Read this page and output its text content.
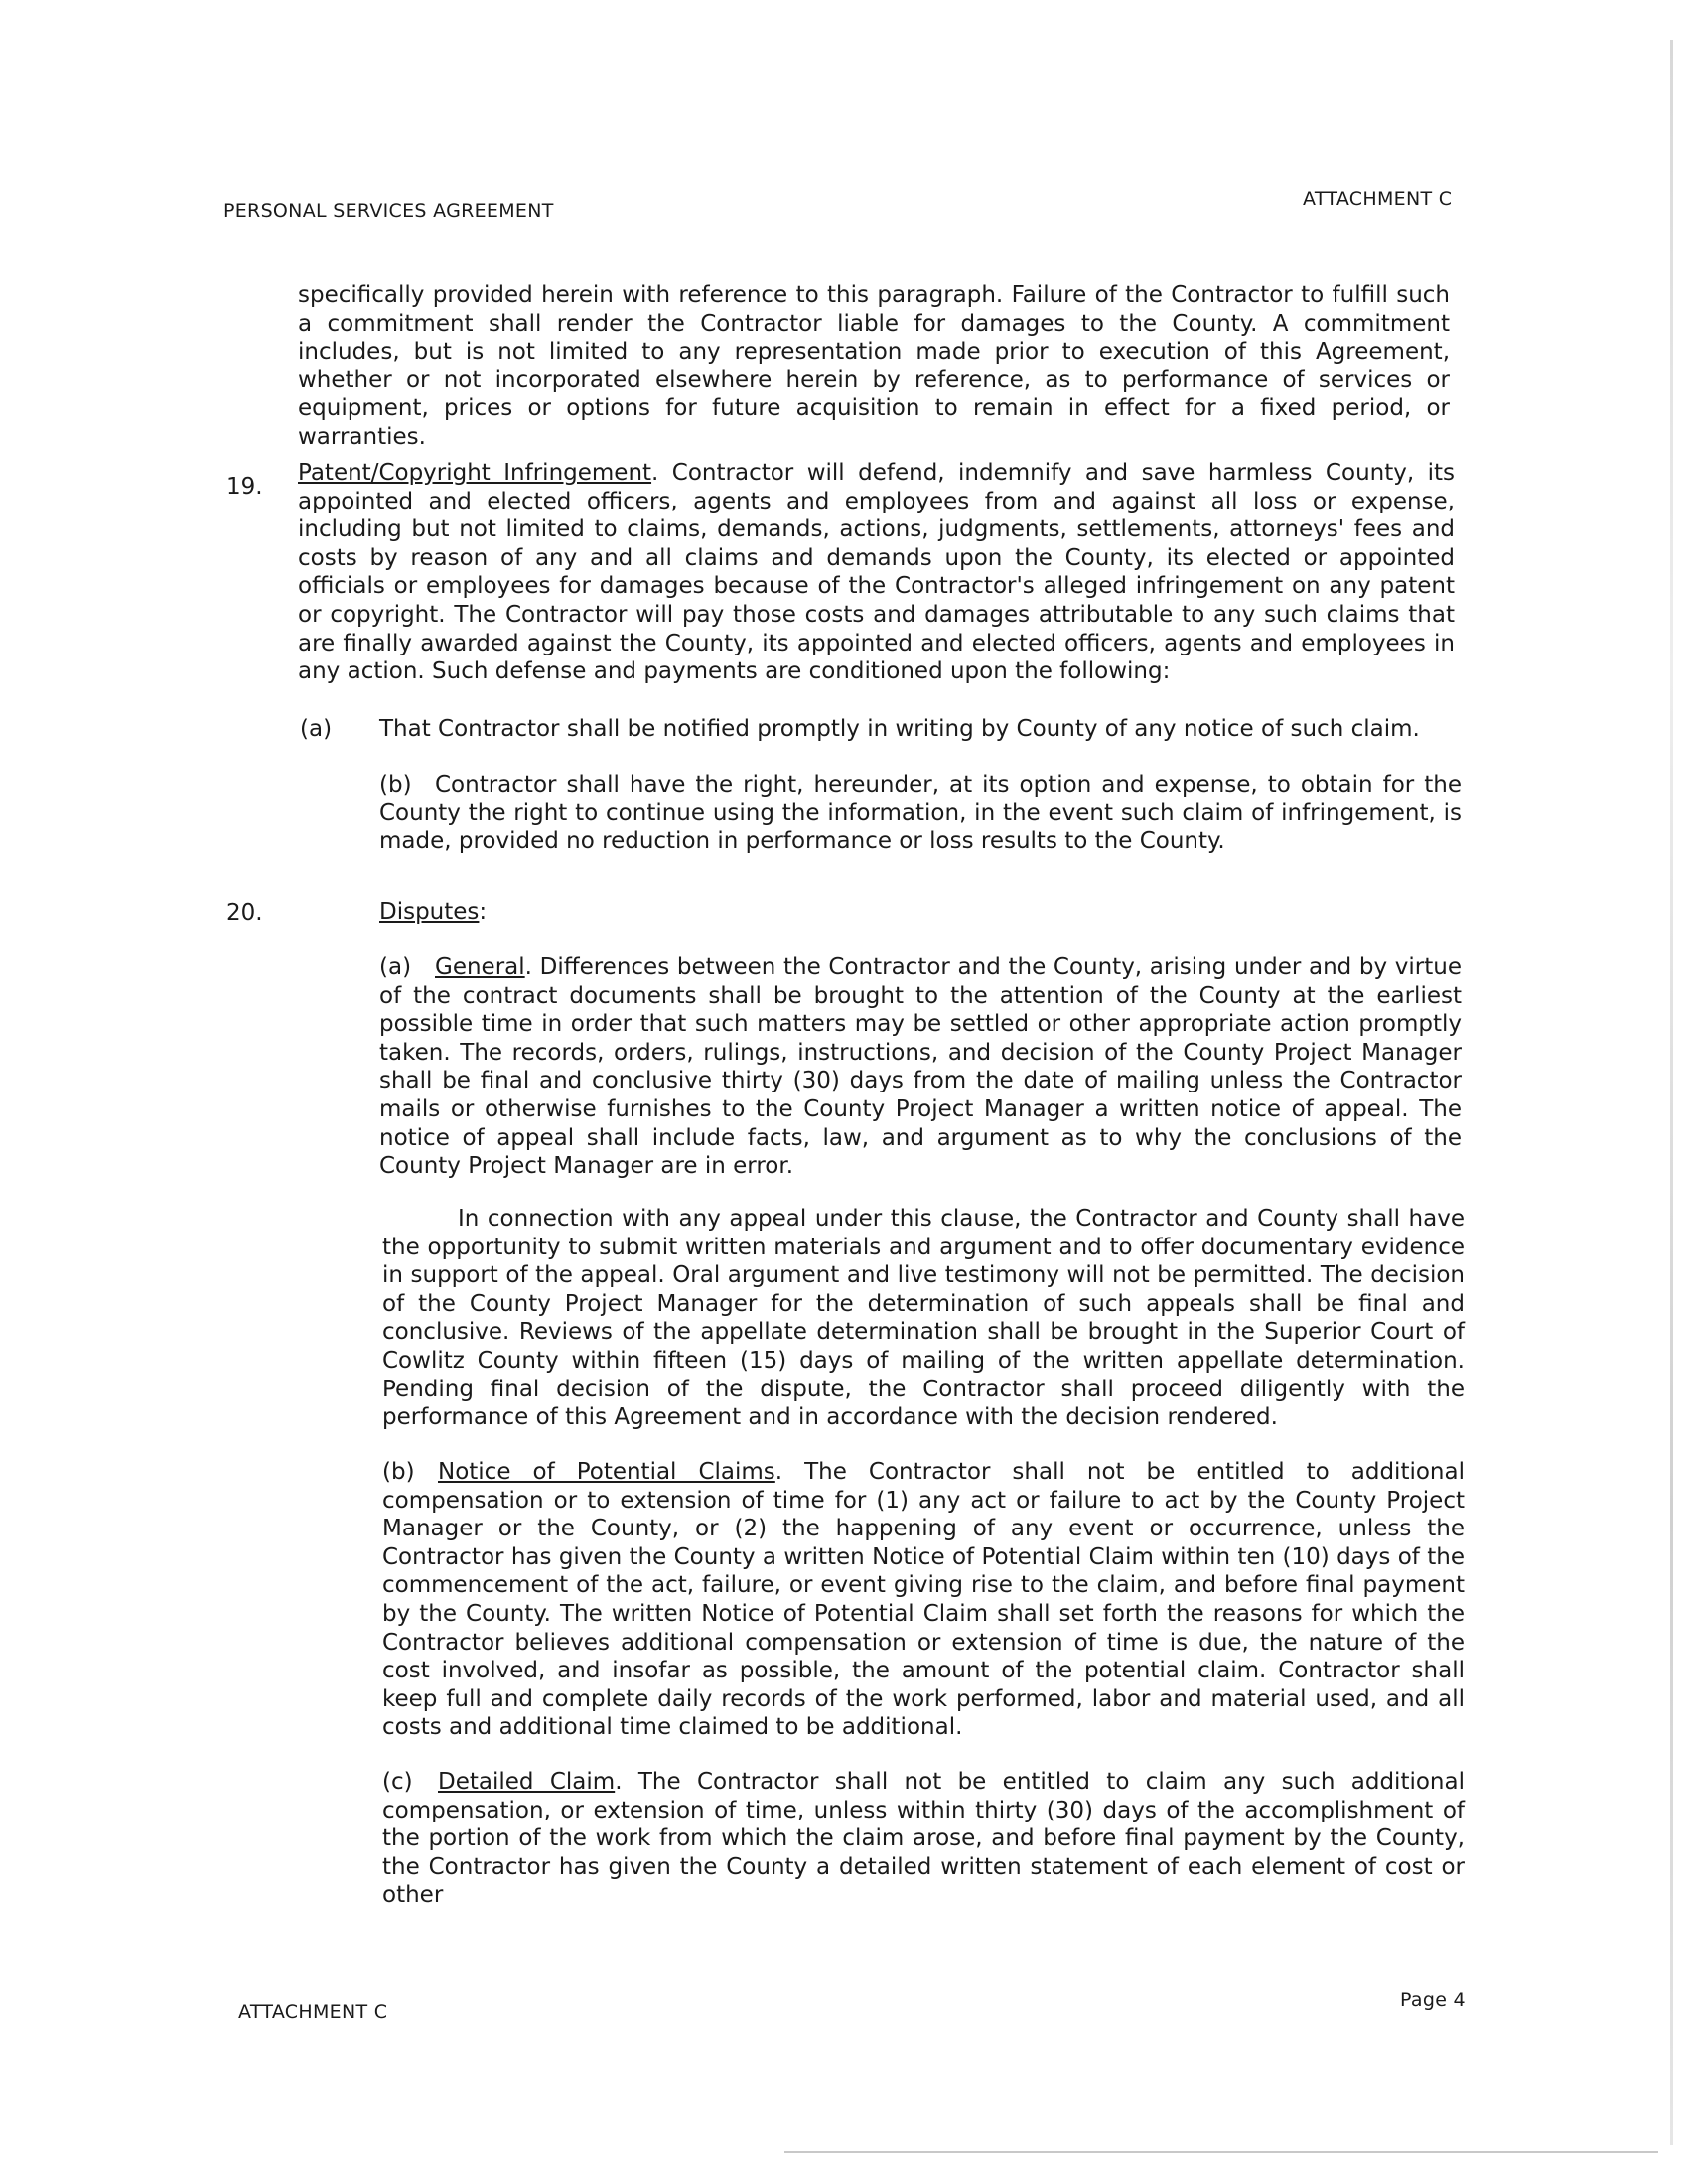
PERSONAL SERVICES AGREEMENT
ATTACHMENT C
specifically provided herein with reference to this paragraph. Failure of the Contractor to fulfill such a commitment shall render the Contractor liable for damages to the County. A commitment includes, but is not limited to any representation made prior to execution of this Agreement, whether or not incorporated elsewhere herein by reference, as to performance of services or equipment, prices or options for future acquisition to remain in effect for a fixed period, or warranties.
19.
Patent/Copyright Infringement. Contractor will defend, indemnify and save harmless County, its appointed and elected officers, agents and employees from and against all loss or expense, including but not limited to claims, demands, actions, judgments, settlements, attorneys' fees and costs by reason of any and all claims and demands upon the County, its elected or appointed officials or employees for damages because of the Contractor's alleged infringement on any patent or copyright. The Contractor will pay those costs and damages attributable to any such claims that are finally awarded against the County, its appointed and elected officers, agents and employees in any action. Such defense and payments are conditioned upon the following:
(a) That Contractor shall be notified promptly in writing by County of any notice of such claim.
(b) Contractor shall have the right, hereunder, at its option and expense, to obtain for the County the right to continue using the information, in the event such claim of infringement, is made, provided no reduction in performance or loss results to the County.
20.	Disputes:
(a) General. Differences between the Contractor and the County, arising under and by virtue of the contract documents shall be brought to the attention of the County at the earliest possible time in order that such matters may be settled or other appropriate action promptly taken. The records, orders, rulings, instructions, and decision of the County Project Manager shall be final and conclusive thirty (30) days from the date of mailing unless the Contractor mails or otherwise furnishes to the County Project Manager a written notice of appeal. The notice of appeal shall include facts, law, and argument as to why the conclusions of the County Project Manager are in error.
In connection with any appeal under this clause, the Contractor and County shall have the opportunity to submit written materials and argument and to offer documentary evidence in support of the appeal. Oral argument and live testimony will not be permitted. The decision of the County Project Manager for the determination of such appeals shall be final and conclusive. Reviews of the appellate determination shall be brought in the Superior Court of Cowlitz County within fifteen (15) days of mailing of the written appellate determination. Pending final decision of the dispute, the Contractor shall proceed diligently with the performance of this Agreement and in accordance with the decision rendered.
(b) Notice of Potential Claims. The Contractor shall not be entitled to additional compensation or to extension of time for (1) any act or failure to act by the County Project Manager or the County, or (2) the happening of any event or occurrence, unless the Contractor has given the County a written Notice of Potential Claim within ten (10) days of the commencement of the act, failure, or event giving rise to the claim, and before final payment by the County. The written Notice of Potential Claim shall set forth the reasons for which the Contractor believes additional compensation or extension of time is due, the nature of the cost involved, and insofar as possible, the amount of the potential claim. Contractor shall keep full and complete daily records of the work performed, labor and material used, and all costs and additional time claimed to be additional.
(c) Detailed Claim. The Contractor shall not be entitled to claim any such additional compensation, or extension of time, unless within thirty (30) days of the accomplishment of the portion of the work from which the claim arose, and before final payment by the County, the Contractor has given the County a detailed written statement of each element of cost or other
ATTACHMENT C
Page 4
